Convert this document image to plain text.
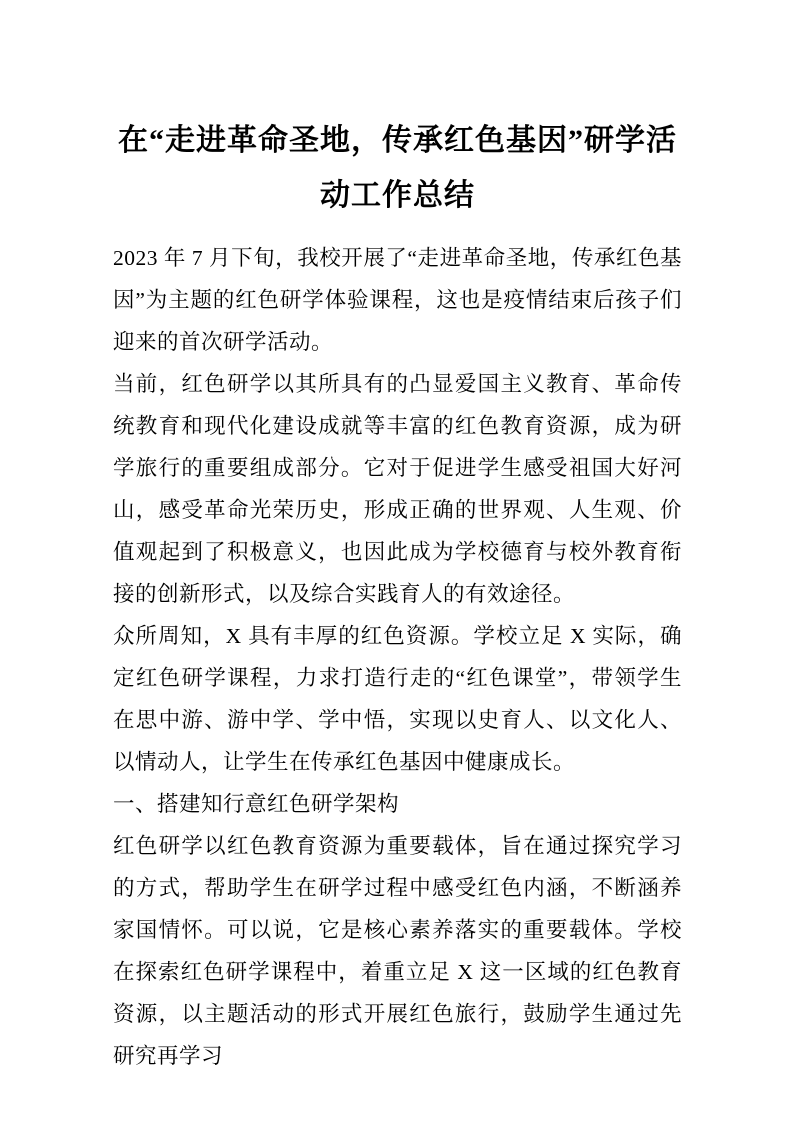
在“走进革命圣地，传承红色基因”研学活动工作总结

2023 年 7 月下旬，我校开展了“走进革命圣地，传承红色基因”为主题的红色研学体验课程，这也是疫情结束后孩子们迎来的首次研学活动。

当前，红色研学以其所具有的凸显爱国主义教育、革命传统教育和现代化建设成就等丰富的红色教育资源，成为研学旅行的重要组成部分。它对于促进学生感受祖国大好河山，感受革命光荣历史，形成正确的世界观、人生观、价值观起到了积极意义，也因此成为学校德育与校外教育衔接的创新形式，以及综合实践育人的有效途径。

众所周知，X 具有丰厚的红色资源。学校立足 X 实际，确定红色研学课程，力求打造行走的“红色课堂”，带领学生在思中游、游中学、学中悟，实现以史育人、以文化人、以情动人，让学生在传承红色基因中健康成长。

一、搭建知行意红色研学架构

红色研学以红色教育资源为重要载体，旨在通过探究学习的方式，帮助学生在研学过程中感受红色内涵，不断涵养家国情怀。可以说，它是核心素养落实的重要载体。学校在探索红色研学课程中，着重立足 X 这一区域的红色教育资源，以主题活动的形式开展红色旅行，鼓励学生通过先研究再学习
